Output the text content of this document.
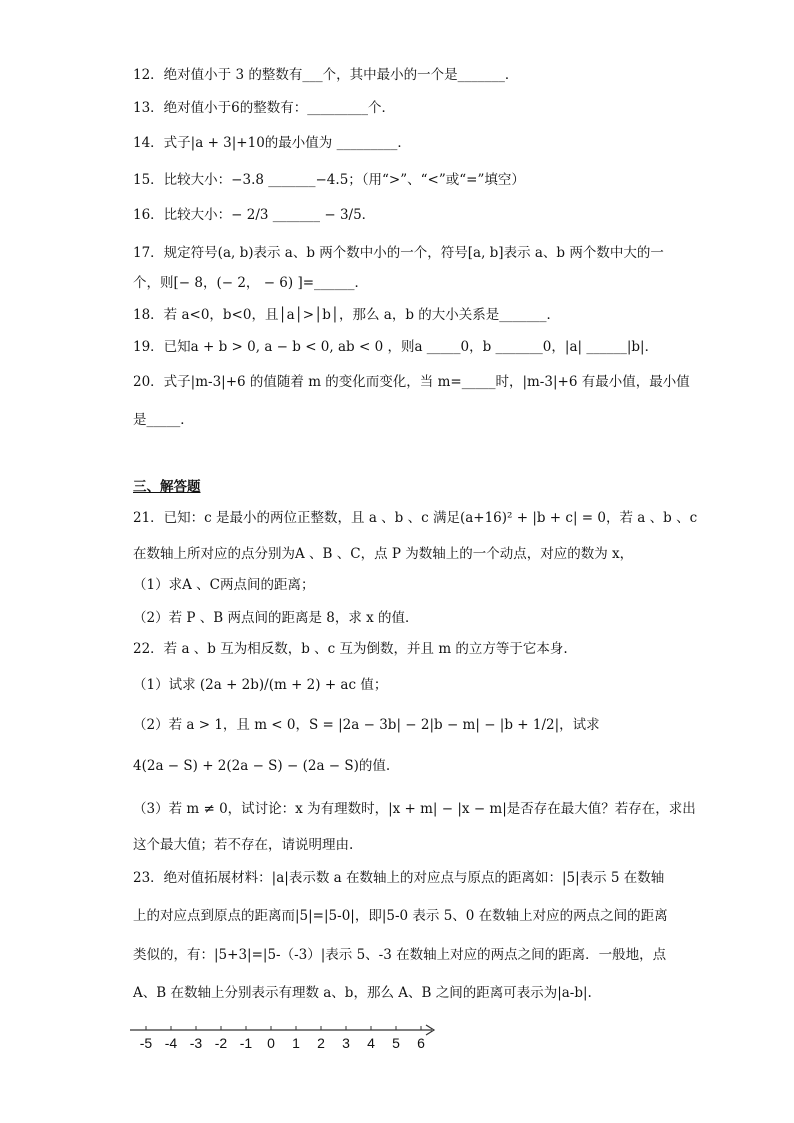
12．绝对值小于 3 的整数有___个，其中最小的一个是_______．
13．绝对值小于6的整数有：_________个．
14．式子|a + 3|+10的最小值为 _________．
15．比较大小：−3.8 _______−4.5；（用“>”、“<”或“=”填空）
16．比较大小：− 2/3 _______ − 3/5．
17．规定符号(a, b)表示 a、b 两个数中小的一个，符号[a, b]表示 a、b 两个数中大的一
个，则[− 8，(− 2， − 6) ]=______．
18．若 a<0，b<0，且│a│>│b│，那么 a，b 的大小关系是_______．
19．已知a + b > 0, a − b < 0, ab < 0 ，则a _____0，b _______0，|a| ______|b|．
20．式子|m-3|+6 的值随着 m 的变化而变化，当 m=_____时，|m-3|+6 有最小值，最小值
是_____．
三、解答题
21．已知：c 是最小的两位正整数，且 a 、b 、c 满足(a+16)² + |b + c| = 0，若 a 、b 、c
在数轴上所对应的点分别为A 、B 、C，点 P 为数轴上的一个动点，对应的数为 x，
（1）求A 、C两点间的距离；
（2）若 P 、B 两点间的距离是 8，求 x 的值．
22．若 a 、b 互为相反数，b 、c 互为倒数，并且 m 的立方等于它本身.
（1）试求 (2a + 2b)/(m + 2) + ac 值；
（2）若 a > 1，且 m < 0，S = |2a − 3b| − 2|b − m| − |b + 1/2|，试求
4(2a − S) + 2(2a − S) − (2a − S)的值.
（3）若 m ≠ 0，试讨论：x 为有理数时，|x + m| − |x − m|是否存在最大值？若存在，求出
这个最大值；若不存在，请说明理由.
23．绝对值拓展材料：|a|表示数 a 在数轴上的对应点与原点的距离如：|5|表示 5 在数轴
上的对应点到原点的距离而|5|=|5-0|，即|5-0 表示 5、0 在数轴上对应的两点之间的距离
类似的，有：|5+3|=|5-（-3）|表示 5、-3 在数轴上对应的两点之间的距离．一般地，点
A、B 在数轴上分别表示有理数 a、b，那么 A、B 之间的距离可表示为|a-b|.
-5 -4 -3 -2 -1 0 1 2 3 4 5 6
